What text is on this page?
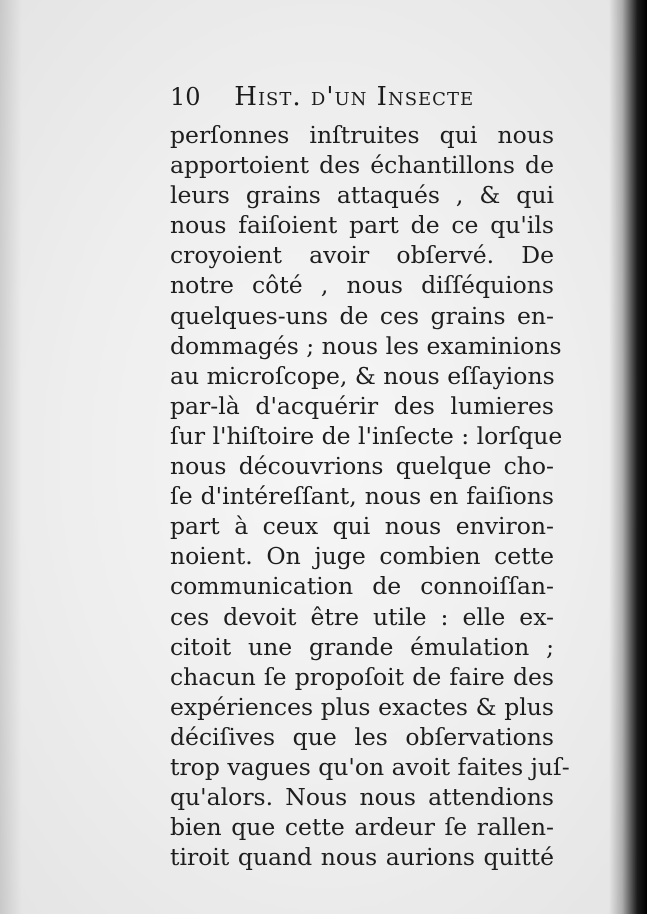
10 Hist. d'un Insecte
perſonnes inſtruites qui nous
apportoient des échantillons de
leurs grains attaqués , & qui
nous faiſoient part de ce qu'ils
croyoient avoir obſervé. De
notre côté , nous diſſéquions
quelques-uns de ces grains en-
dommagés ; nous les examinions
au microſcope, & nous eſſayions
par-là d'acquérir des lumieres
ſur l'hiſtoire de l'inſecte : lorſque
nous découvrions quelque cho-
ſe d'intéreſſant, nous en faiſions
part à ceux qui nous environ-
noient. On juge combien cette
communication de connoiſſan-
ces devoit être utile : elle ex-
citoit une grande émulation ;
chacun ſe propoſoit de faire des
expériences plus exactes & plus
déciſives que les obſervations
trop vagues qu'on avoit faites juſ-
qu'alors. Nous nous attendions
bien que cette ardeur ſe rallen-
tiroit quand nous aurions quitté
